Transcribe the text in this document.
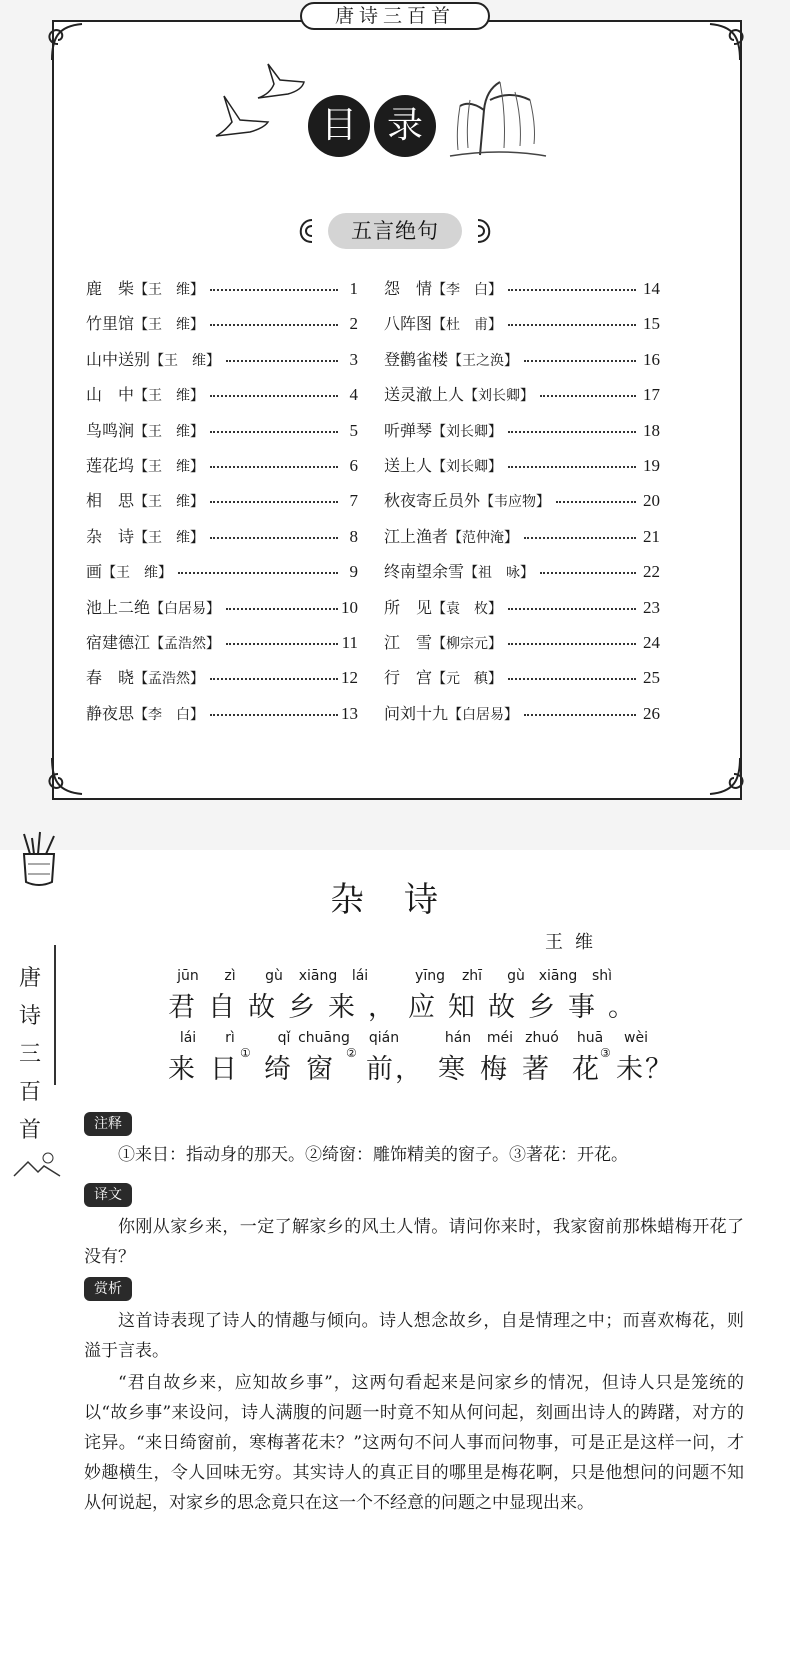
唐诗三百首
目 录
五言绝句
鹿　柴【王　维】	1
竹里馆【王　维】	2
山中送别【王　维】	3
山　中【王　维】	4
鸟鸣涧【王　维】	5
莲花坞【王　维】	6
相　思【王　维】	7
杂　诗【王　维】	8
画【王　维】	9
池上二绝【白居易】	10
宿建德江【孟浩然】	11
春　晓【孟浩然】	12
静夜思【李　白】	13
怨　情【李　白】	14
八阵图【杜　甫】	15
登鹳雀楼【王之涣】	16
送灵澈上人【刘长卿】	17
听弹琴【刘长卿】	18
送上人【刘长卿】	19
秋夜寄丘员外【韦应物】	20
江上渔者【范仲淹】	21
终南望余雪【祖　咏】	22
所　见【袁　枚】	23
江　雪【柳宗元】	24
行　宫【元　稹】	25
问刘十九【白居易】	26
唐
诗
三
百
首
杂诗
王维
jūn	zì	gù	xiāng	lái	yīng	zhī	gù xiāng	shì
君自故乡来，应知故乡事。
lái	rì	qǐ chuāng	qián	hán	méi zhuó	huā	wèi
来 日 绮 窗 前， 寒 梅 著 花 未？
①	②	③
注释
①来日：指动身的那天。②绮窗：雕饰精美的窗子。③著花：开花。
译文
你刚从家乡来，一定了解家乡的风土人情。请问你来时，我家窗前那株蜡梅开花了没有？
赏析
这首诗表现了诗人的情趣与倾向。诗人想念故乡，自是情理之中；而喜欢梅花，则溢于言表。
“君自故乡来，应知故乡事”，这两句看起来是问家乡的情况，但诗人只是笼统的以“故乡事”来设问，诗人满腹的问题一时竟不知从何问起，刻画出诗人的踌躇，对方的诧异。“来日绮窗前，寒梅著花未？”这两句不问人事而问物事，可是正是这样一问，才妙趣横生，令人回味无穷。其实诗人的真正目的哪里是梅花啊，只是他想问的问题不知从何说起，对家乡的思念竟只在这一个不经意的问题之中显现出来。
